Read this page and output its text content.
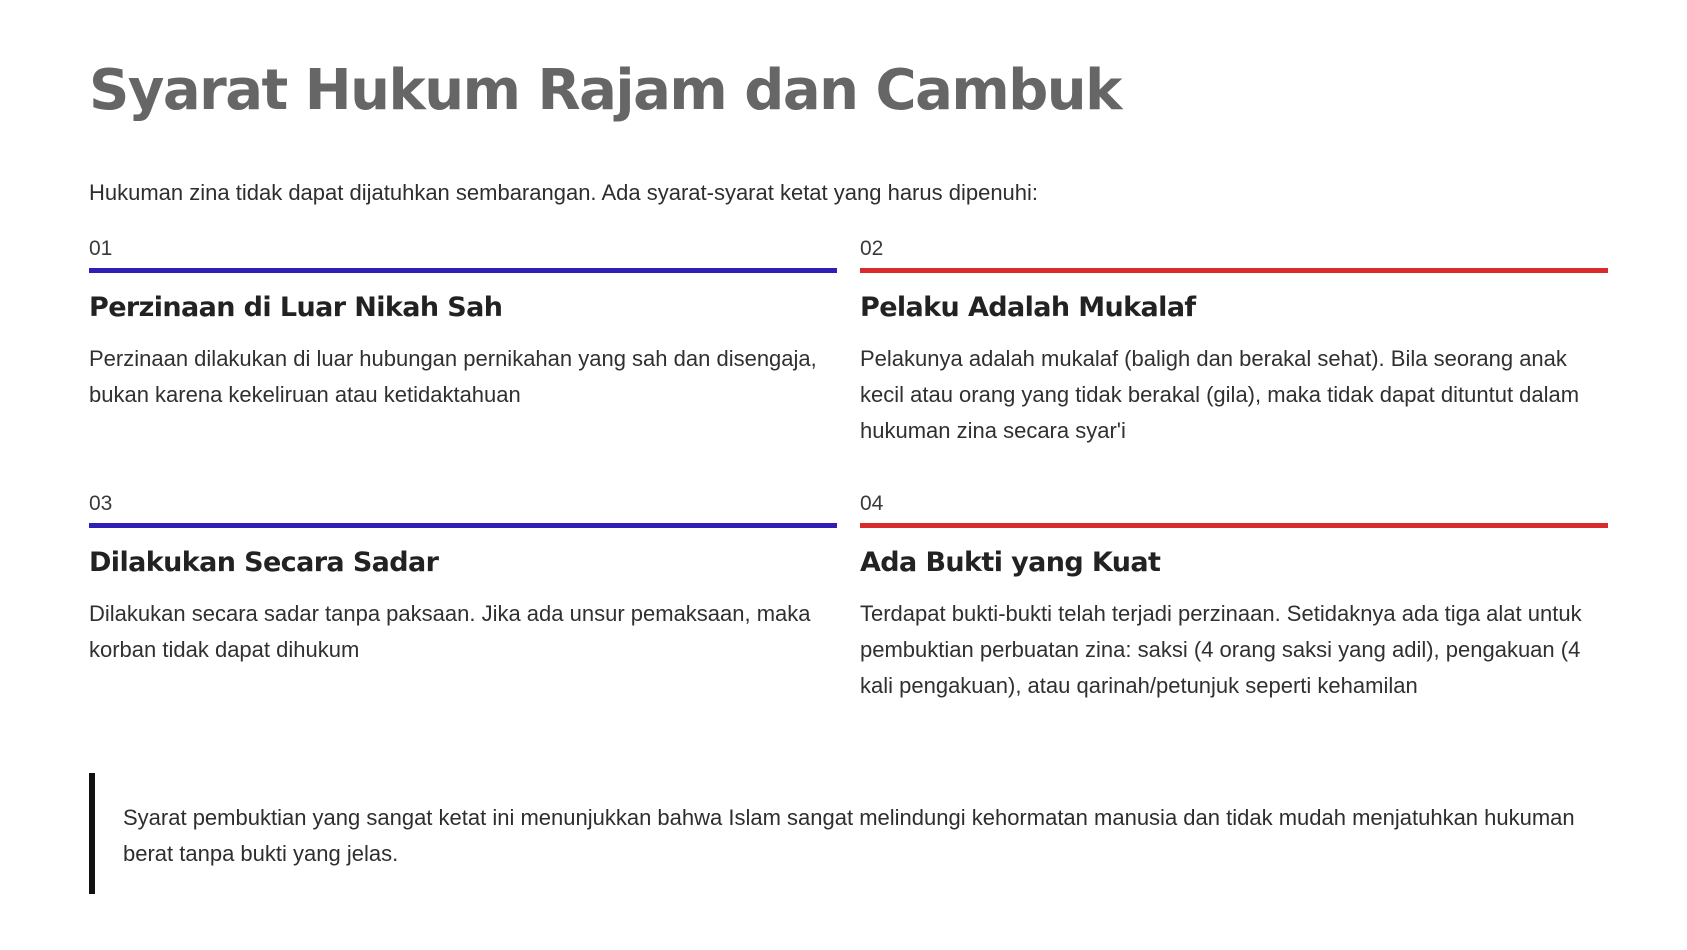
Syarat Hukum Rajam dan Cambuk

Hukuman zina tidak dapat dijatuhkan sembarangan. Ada syarat-syarat ketat yang harus dipenuhi:

01
Perzinaan di Luar Nikah Sah

Perzinaan dilakukan di luar hubungan pernikahan yang sah dan disengaja, bukan karena kekeliruan atau ketidaktahuan

02
Pelaku Adalah Mukalaf

Pelakunya adalah mukalaf (baligh dan berakal sehat). Bila seorang anak kecil atau orang yang tidak berakal (gila), maka tidak dapat dituntut dalam hukuman zina secara syar'i

03
Dilakukan Secara Sadar

Dilakukan secara sadar tanpa paksaan. Jika ada unsur pemaksaan, maka korban tidak dapat dihukum

04
Ada Bukti yang Kuat

Terdapat bukti-bukti telah terjadi perzinaan. Setidaknya ada tiga alat untuk pembuktian perbuatan zina: saksi (4 orang saksi yang adil), pengakuan (4 kali pengakuan), atau qarinah/petunjuk seperti kehamilan

Syarat pembuktian yang sangat ketat ini menunjukkan bahwa Islam sangat melindungi kehormatan manusia dan tidak mudah menjatuhkan hukuman berat tanpa bukti yang jelas.
